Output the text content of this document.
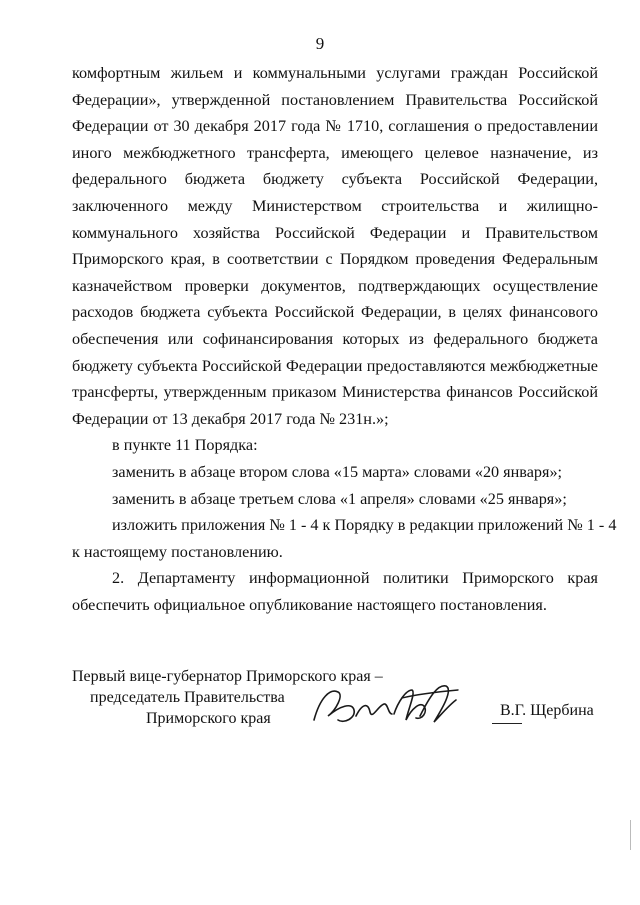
9
комфортным жильем и коммунальными услугами граждан Российской
Федерации», утвержденной постановлением Правительства Российской
Федерации от 30 декабря 2017 года № 1710, соглашения о предоставлении
иного межбюджетного трансферта, имеющего целевое назначение, из
федерального бюджета бюджету субъекта Российской Федерации,
заключенного между Министерством строительства и жилищно-
коммунального хозяйства Российской Федерации и Правительством
Приморского края, в соответствии с Порядком проведения Федеральным
казначейством проверки документов, подтверждающих осуществление
расходов бюджета субъекта Российской Федерации, в целях финансового
обеспечения или софинансирования которых из федерального бюджета
бюджету субъекта Российской Федерации предоставляются межбюджетные
трансферты, утвержденным приказом Министерства финансов Российской
Федерации от 13 декабря 2017 года № 231н.»;
в пункте 11 Порядка:
заменить в абзаце втором слова «15 марта» словами «20 января»;
заменить в абзаце третьем слова «1 апреля» словами «25 января»;
изложить приложения № 1 - 4 к Порядку в редакции приложений № 1 - 4
к настоящему постановлению.
2. Департаменту информационной политики Приморского края
обеспечить официальное опубликование настоящего постановления.
Первый вице-губернатор Приморского края –
председатель Правительства
Приморского края	В.Г. Щербина
